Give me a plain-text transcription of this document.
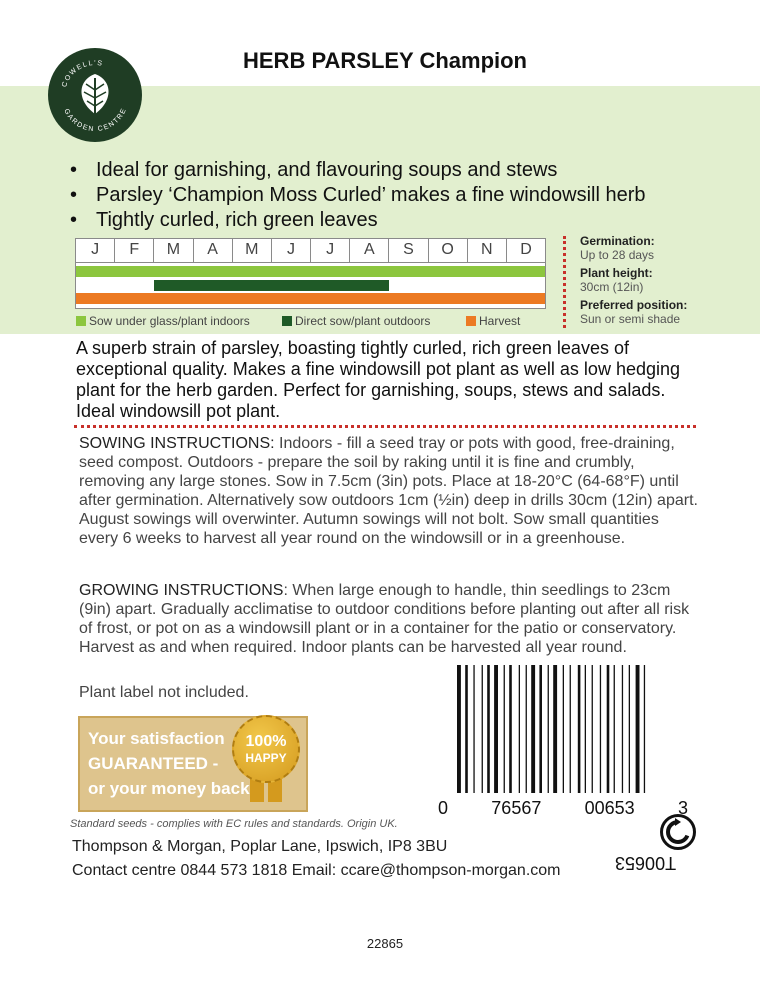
COWELL'S
GARDEN CENTRE
HERB PARSLEY Champion
• Ideal for garnishing, and flavouring soups and stews
• Parsley ‘Champion Moss Curled’ makes a fine windowsill herb
• Tightly curled, rich green leaves
J	F	M	A	M	J	J	A	S	O	N	D
Sow under glass/plant indoors	Direct sow/plant outdoors	Harvest
Germination:
Up to 28 days
Plant height:
30cm (12in)
Preferred position:
Sun or semi shade

A superb strain of parsley, boasting tightly curled, rich green leaves of exceptional quality. Makes a fine windowsill pot plant as well as low hedging plant for the herb garden. Perfect for garnishing, soups, stews and salads. Ideal windowsill pot plant.

SOWING INSTRUCTIONS: Indoors - fill a seed tray or pots with good, free-draining, seed compost. Outdoors - prepare the soil by raking until it is fine and crumbly, removing any large stones. Sow in 7.5cm (3in) pots. Place at 18-20°C (64-68°F) until after germination. Alternatively sow outdoors 1cm (½in) deep in drills 30cm (12in) apart. August sowings will overwinter. Autumn sowings will not bolt. Sow small quantities every 6 weeks to harvest all year round on the windowsill or in a greenhouse.

GROWING INSTRUCTIONS: When large enough to handle, thin seedlings to 23cm (9in) apart. Gradually acclimatise to outdoor conditions before planting out after all risk of frost, or pot on as a windowsill plant or in a container for the patio or conservatory. Harvest as and when required. Indoor plants can be harvested all year round.

Plant label not included.

Your satisfaction
GUARANTEED -
or your money back
100%
HAPPY
0 76567 00653 3
Standard seeds - complies with EC rules and standards. Origin UK.
Thompson & Morgan, Poplar Lane, Ipswich, IP8 3BU
Contact centre 0844 573 1818 Email: ccare@thompson-morgan.com	T00653
22865
